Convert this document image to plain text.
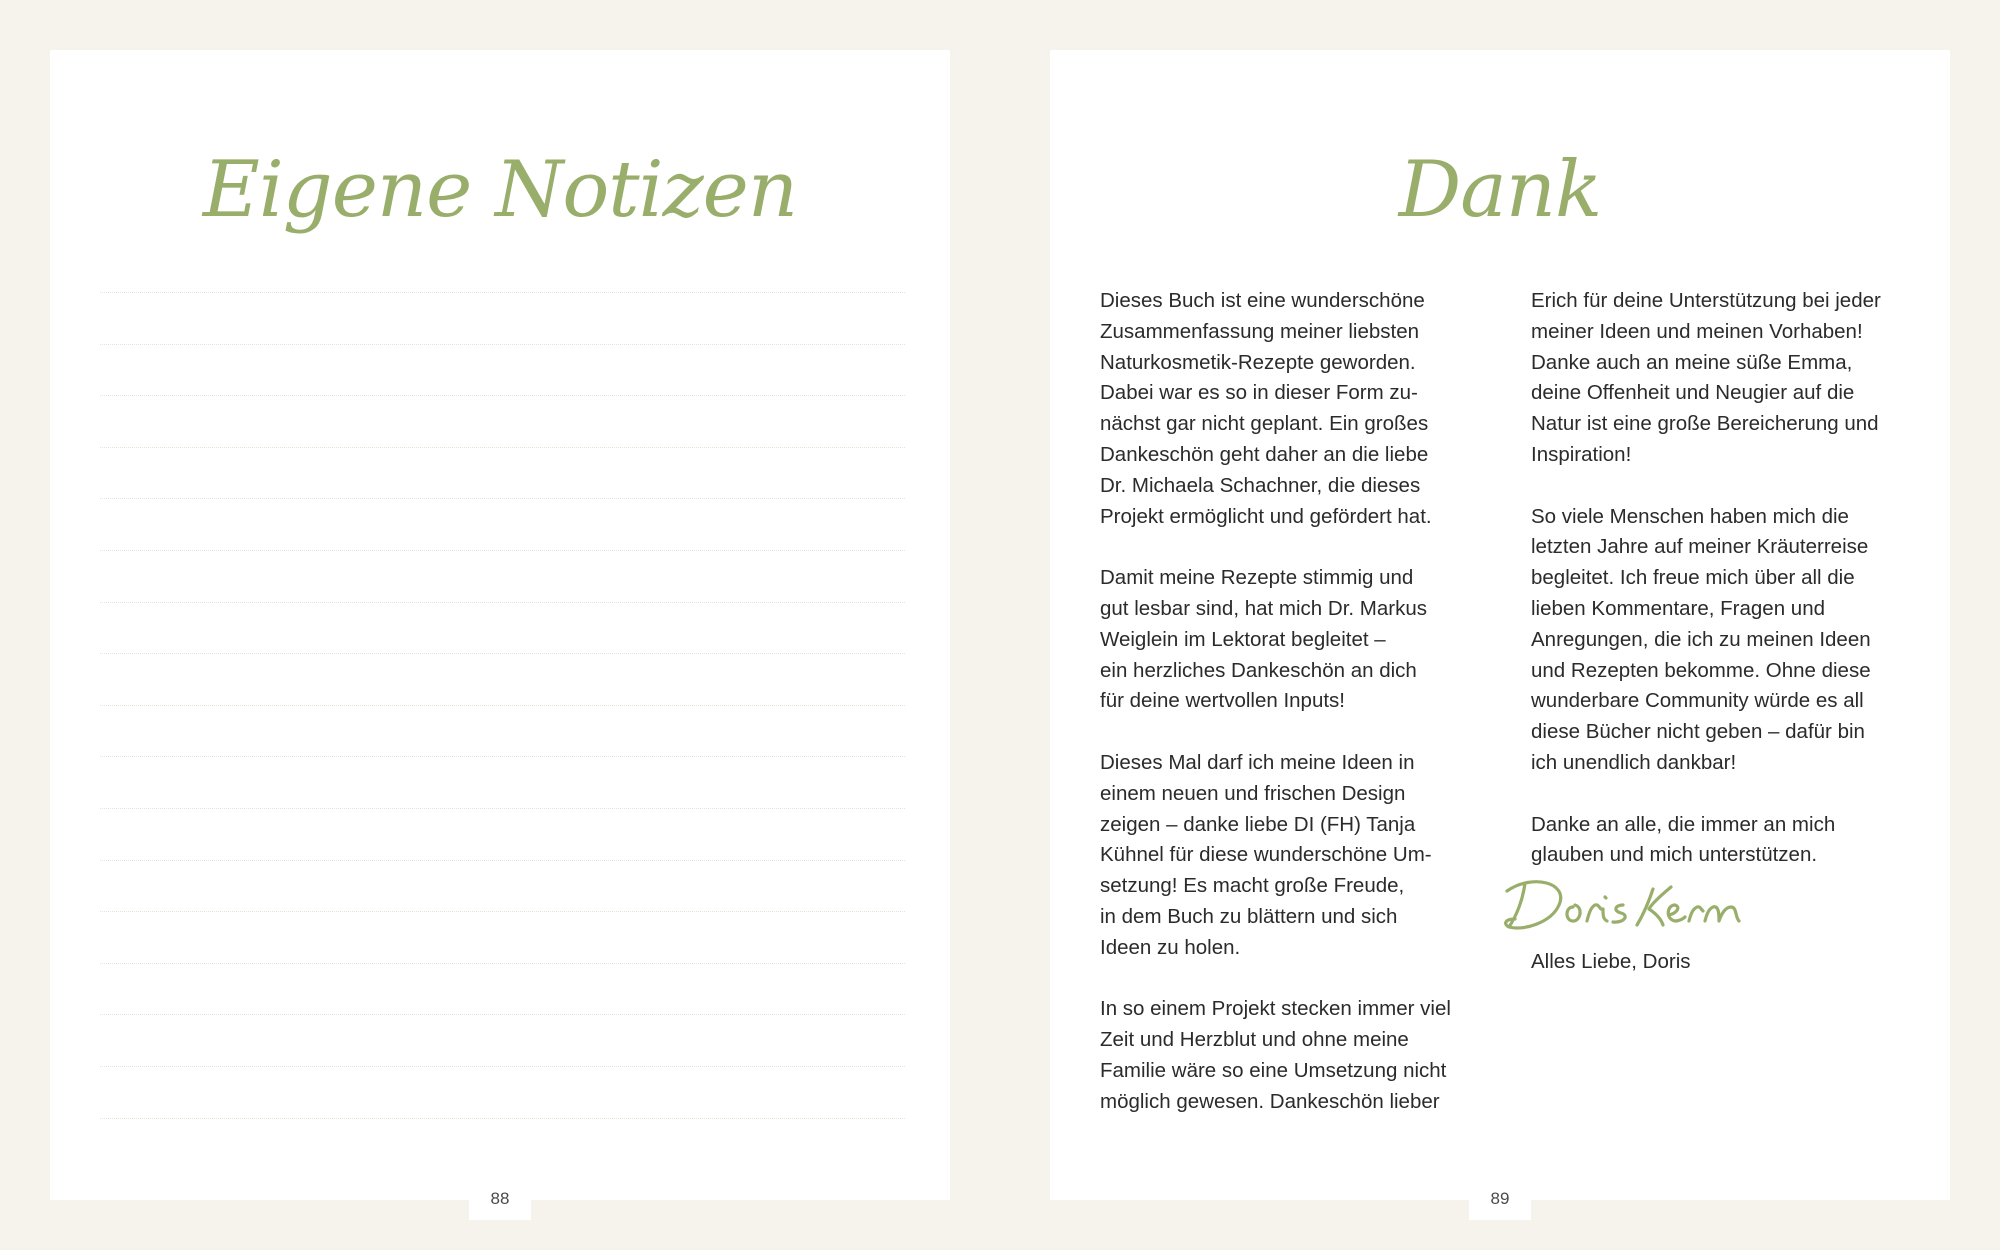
Eigene Notizen
88
Dank

Dieses Buch ist eine wunderschöne
Zusammenfassung meiner liebsten
Naturkosmetik-Rezepte geworden.
Dabei war es so in dieser Form zu-
nächst gar nicht geplant. Ein großes
Dankeschön geht daher an die liebe
Dr. Michaela Schachner, die dieses
Projekt ermöglicht und gefördert hat.

Damit meine Rezepte stimmig und
gut lesbar sind, hat mich Dr. Markus
Weiglein im Lektorat begleitet –
ein herzliches Dankeschön an dich
für deine wertvollen Inputs!

Dieses Mal darf ich meine Ideen in
einem neuen und frischen Design
zeigen – danke liebe DI (FH) Tanja
Kühnel für diese wunderschöne Um-
setzung! Es macht große Freude,
in dem Buch zu blättern und sich
Ideen zu holen.

In so einem Projekt stecken immer viel
Zeit und Herzblut und ohne meine
Familie wäre so eine Umsetzung nicht
möglich gewesen. Dankeschön lieber

Erich für deine Unterstützung bei jeder
meiner Ideen und meinen Vorhaben!
Danke auch an meine süße Emma,
deine Offenheit und Neugier auf die
Natur ist eine große Bereicherung und
Inspiration!

So viele Menschen haben mich die
letzten Jahre auf meiner Kräuterreise
begleitet. Ich freue mich über all die
lieben Kommentare, Fragen und
Anregungen, die ich zu meinen Ideen
und Rezepten bekomme. Ohne diese
wunderbare Community würde es all
diese Bücher nicht geben – dafür bin
ich unendlich dankbar!

Danke an alle, die immer an mich
glauben und mich unterstützen.

Alles Liebe, Doris

89
